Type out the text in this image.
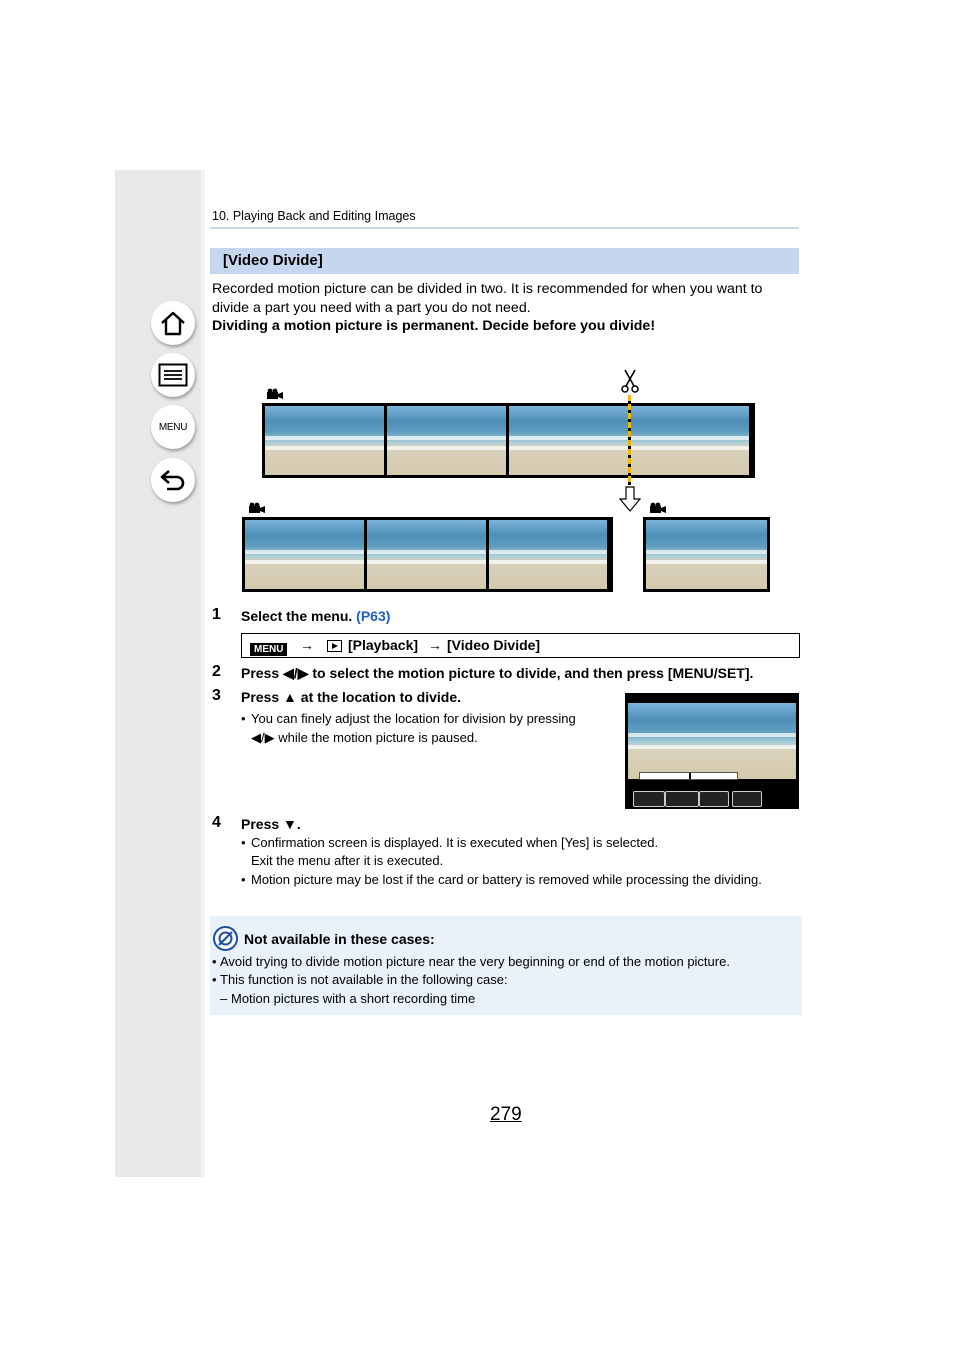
MENU
10. Playing Back and Editing Images
[Video Divide]
Recorded motion picture can be divided in two. It is recommended for when you want to divide a part you need with a part you do not need.
Dividing a motion picture is permanent. Decide before you divide!
1 Select the menu. (P63)
MENU → [Playback] → [Video Divide]
2 Press ◀/▶ to select the motion picture to divide, and then press [MENU/SET].
3 Press ▲ at the location to divide.
• You can finely adjust the location for division by pressing
◀/▶ while the motion picture is paused.
4 Press ▼.
• Confirmation screen is displayed. It is executed when [Yes] is selected.
Exit the menu after it is executed.
• Motion picture may be lost if the card or battery is removed while processing the dividing.
Not available in these cases:
• Avoid trying to divide motion picture near the very beginning or end of the motion picture.
• This function is not available in the following case:
– Motion pictures with a short recording time
279
